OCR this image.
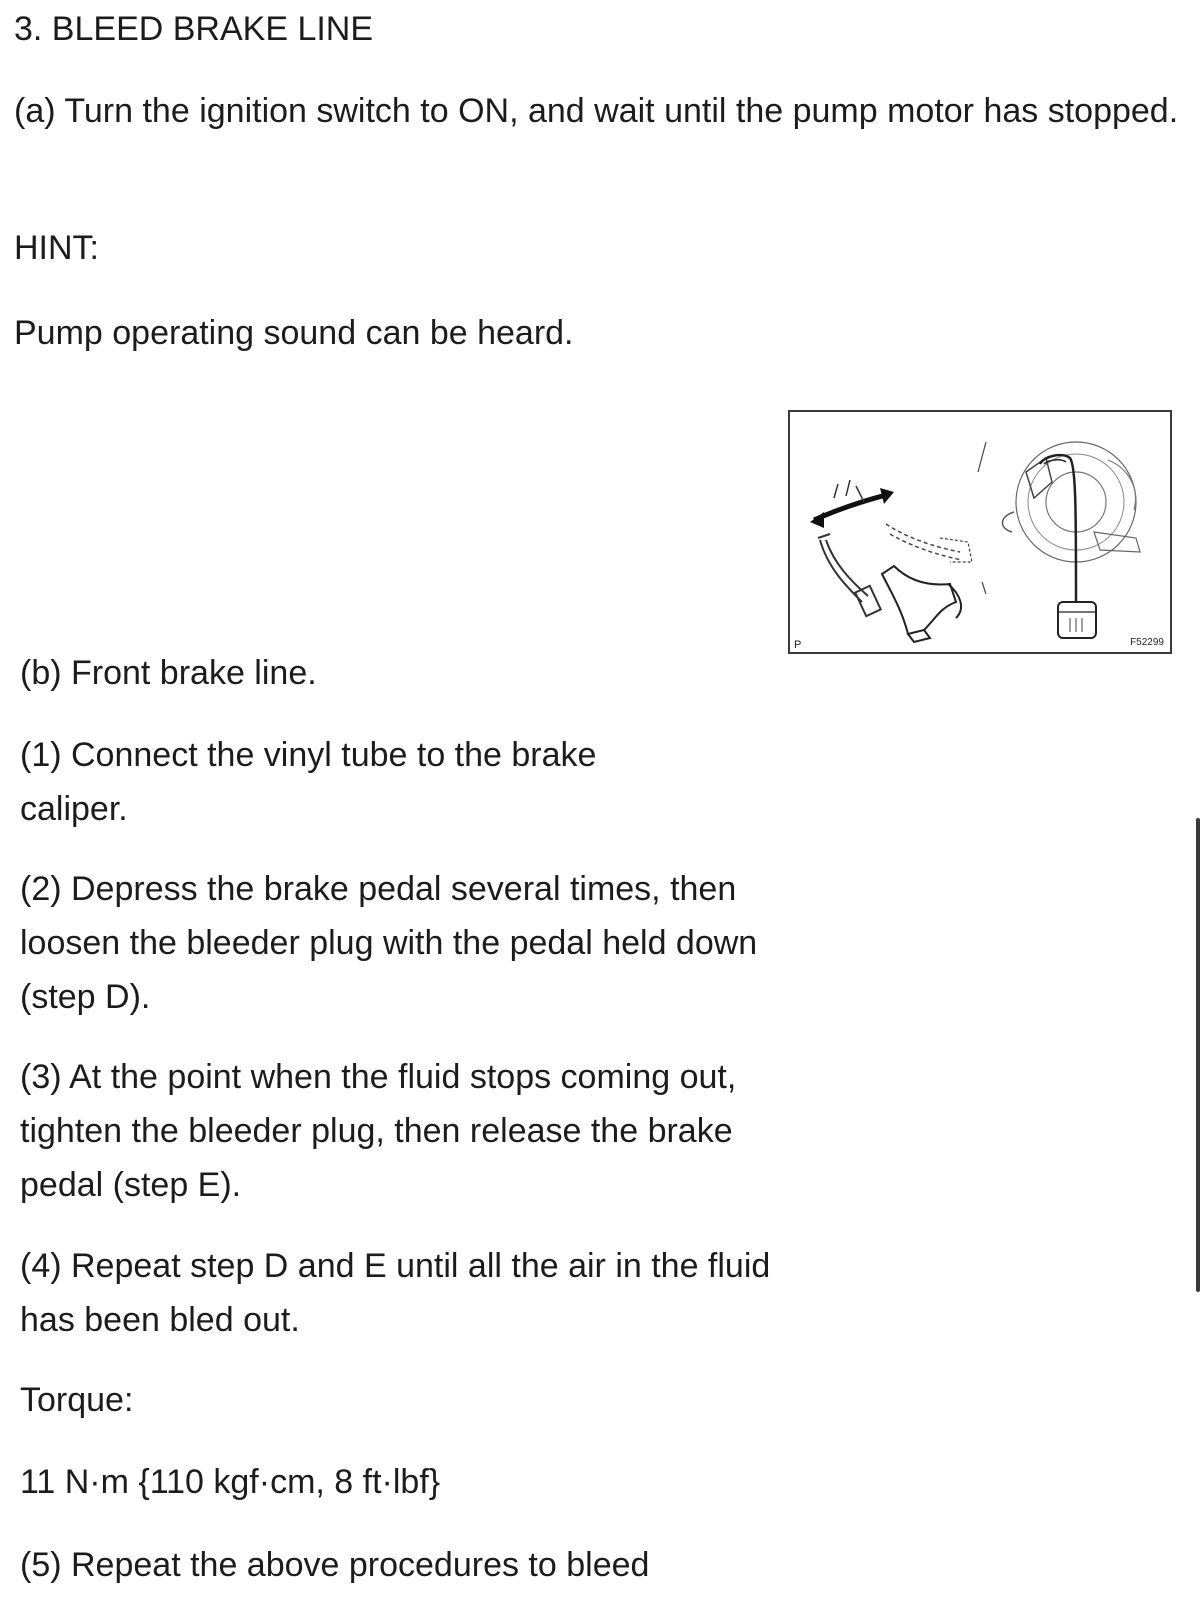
3. BLEED BRAKE LINE

(a) Turn the ignition switch to ON, and wait until the pump motor has stopped.

HINT:

Pump operating sound can be heard.

P	F52299

(b) Front brake line.

(1) Connect the vinyl tube to the brake caliper.

(2) Depress the brake pedal several times, then loosen the bleeder plug with the pedal held down (step D).

(3) At the point when the fluid stops coming out, tighten the bleeder plug, then release the brake pedal (step E).

(4) Repeat step D and E until all the air in the fluid has been bled out.

Torque:

11 N·m {110 kgf·cm, 8 ft·lbf}

(5) Repeat the above procedures to bleed
